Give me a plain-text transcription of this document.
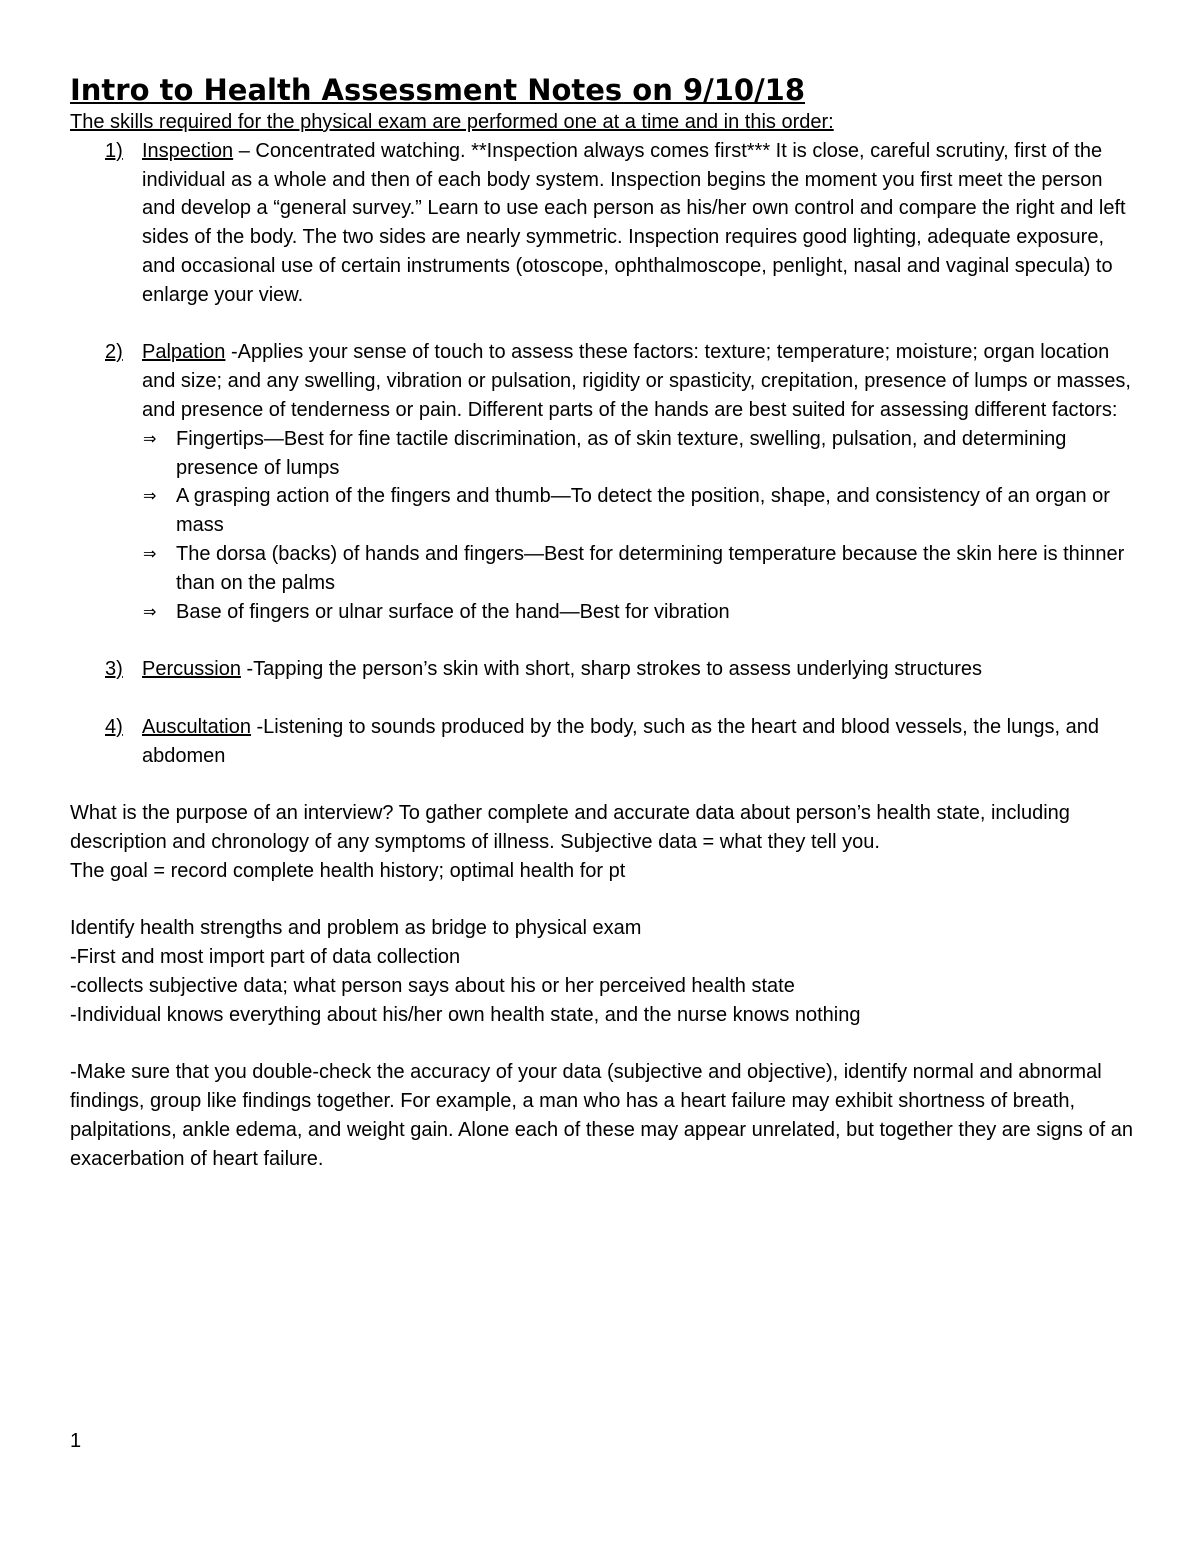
Intro to Health Assessment Notes on 9/10/18

The skills required for the physical exam are performed one at a time and in this order:

1) Inspection – Concentrated watching. **Inspection always comes first*** It is close, careful scrutiny, first of the individual as a whole and then of each body system. Inspection begins the moment you first meet the person and develop a “general survey.” Learn to use each person as his/her own control and compare the right and left sides of the body. The two sides are nearly symmetric. Inspection requires good lighting, adequate exposure, and occasional use of certain instruments (otoscope, ophthalmoscope, penlight, nasal and vaginal specula) to enlarge your view.
2) Palpation -Applies your sense of touch to assess these factors: texture; temperature; moisture; organ location and size; and any swelling, vibration or pulsation, rigidity or spasticity, crepitation, presence of lumps or masses, and presence of tenderness or pain. Different parts of the hands are best suited for assessing different factors:
⇒ Fingertips—Best for fine tactile discrimination, as of skin texture, swelling, pulsation, and determining presence of lumps
⇒ A grasping action of the fingers and thumb—To detect the position, shape, and consistency of an organ or mass
⇒ The dorsa (backs) of hands and fingers—Best for determining temperature because the skin here is thinner than on the palms
⇒ Base of fingers or ulnar surface of the hand—Best for vibration
3) Percussion -Tapping the person’s skin with short, sharp strokes to assess underlying structures
4) Auscultation -Listening to sounds produced by the body, such as the heart and blood vessels, the lungs, and abdomen

What is the purpose of an interview? To gather complete and accurate data about person’s health state, including description and chronology of any symptoms of illness. Subjective data = what they tell you.

The goal = record complete health history; optimal health for pt

Identify health strengths and problem as bridge to physical exam

-First and most import part of data collection

-collects subjective data; what person says about his or her perceived health state

-Individual knows everything about his/her own health state, and the nurse knows nothing

-Make sure that you double-check the accuracy of your data (subjective and objective), identify normal and abnormal findings, group like findings together. For example, a man who has a heart failure may exhibit shortness of breath, palpitations, ankle edema, and weight gain. Alone each of these may appear unrelated, but together they are signs of an exacerbation of heart failure.

1
